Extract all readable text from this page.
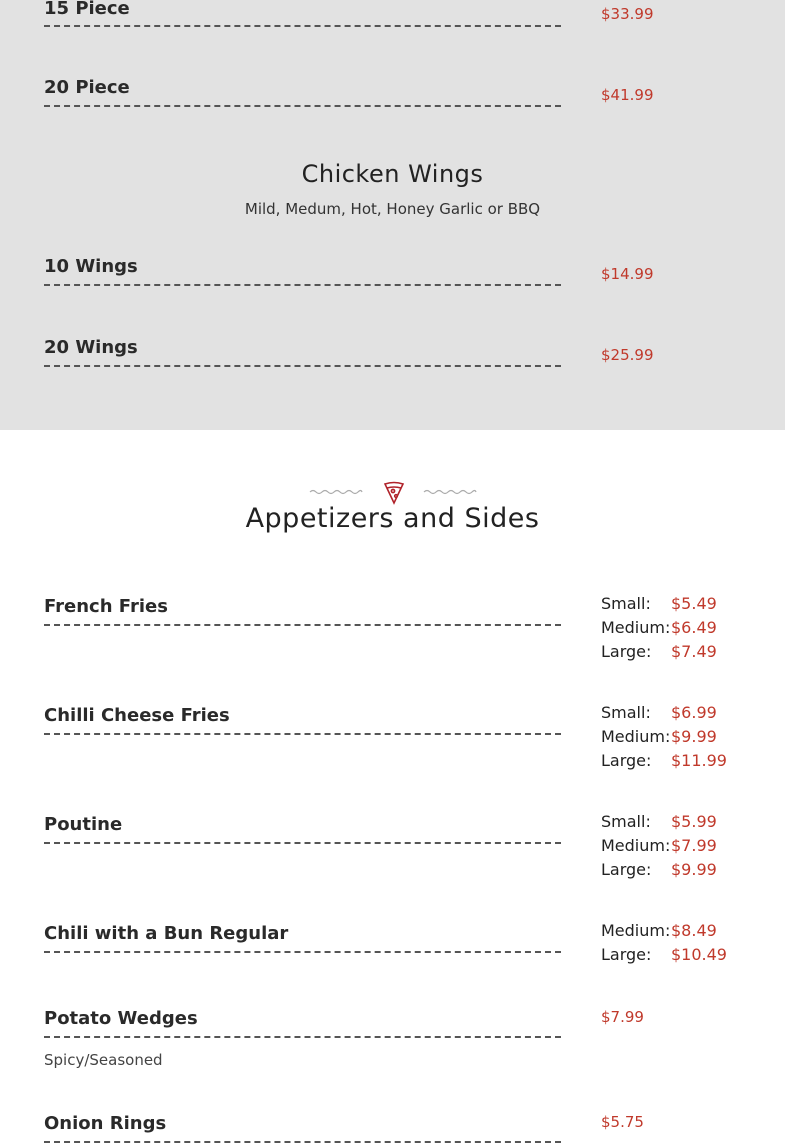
15 Piece	$33.99
20 Piece	$41.99
Chicken Wings
Mild, Medum, Hot, Honey Garlic or BBQ
10 Wings	$14.99
20 Wings	$25.99
Appetizers and Sides
French Fries	Small:	$5.49
Medium: $6.49
Large:	$7.49
Chilli Cheese Fries	Small:	$6.99
Medium: $9.99
Large:	$11.99
Poutine	Small:	$5.99
Medium: $7.99
Large:	$9.99
Chili with a Bun Regular	Medium: $8.49
Large:	$10.49
Potato Wedges	$7.99
Spicy/Seasoned
Onion Rings	$5.75
